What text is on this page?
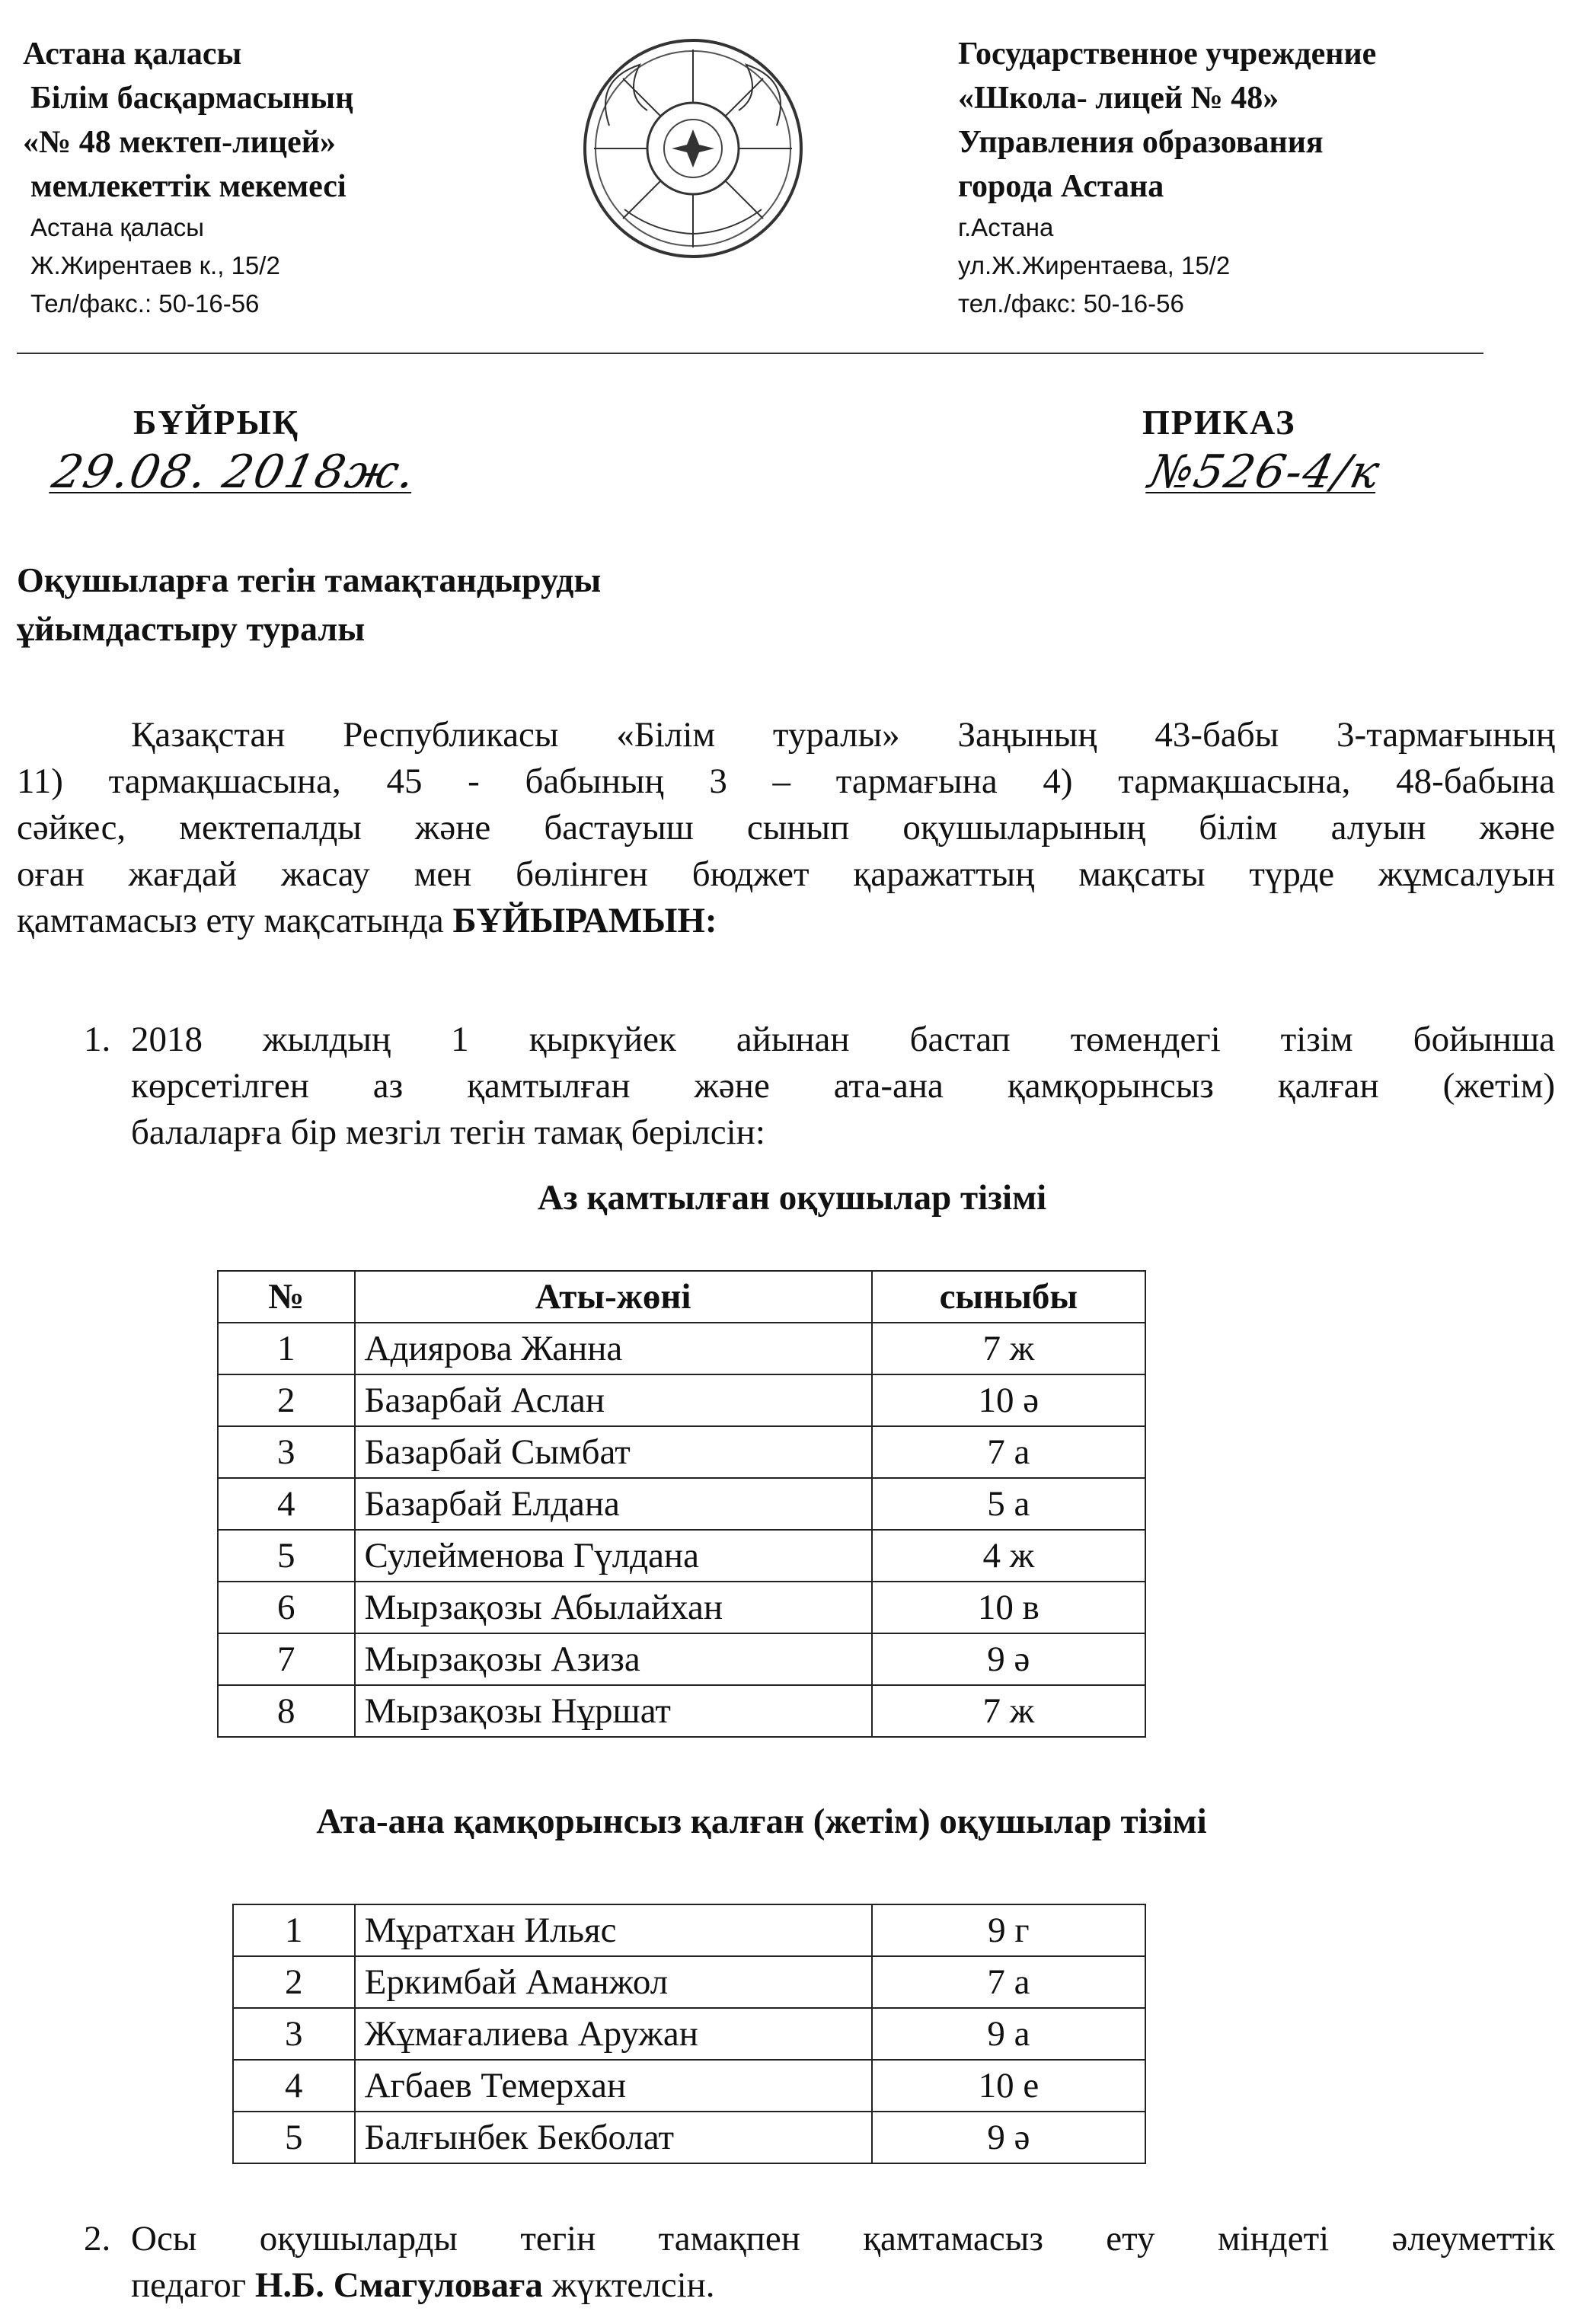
Астана қаласы
Білім басқармасының
«№ 48 мектеп-лицей»
мемлекеттік мекемесі
Астана қаласы
Ж.Жирентаев к., 15/2
Тел/факс.: 50-16-56
Государственное учреждение
«Школа- лицей № 48»
Управления образования
города Астана
г.Астана
ул.Ж.Жирентаева, 15/2
тел./факс: 50-16-56
БҰЙРЫҚ	ПРИКАЗ
29.08. 2018ж.	№526-4/к
Оқушыларға тегін тамақтандыруды
ұйымдастыру туралы
Қазақстан Республикасы «Білім туралы» Заңының 43-бабы 3-тармағының
11) тармақшасына, 45 - бабының 3 – тармағына 4) тармақшасына, 48-бабына
сәйкес, мектепалды және бастауыш сынып оқушыларының білім алуын және
оған жағдай жасау мен бөлінген бюджет қаражаттың мақсаты түрде жұмсалуын
қамтамасыз ету мақсатында БҰЙЫРАМЫН:
1. 2018 жылдың 1 қыркүйек айынан бастап төмендегі тізім бойынша
көрсетілген аз қамтылған және ата-ана қамқорынсыз қалған (жетім)
балаларға бір мезгіл тегін тамақ берілсін:
Аз қамтылған оқушылар тізімі
№	Аты-жөні	сыныбы
1	Адиярова Жанна	7 ж
2	Базарбай Аслан	10 ә
3	Базарбай Сымбат	7 а
4	Базарбай Елдана	5 а
5	Сулейменова Гүлдана	4 ж
6	Мырзақозы Абылайхан	10 в
7	Мырзақозы Азиза	9 ә
8	Мырзақозы Нұршат	7 ж
Ата-ана қамқорынсыз қалған (жетім) оқушылар тізімі
1	Мұратхан Ильяс	9 г
2	Еркимбай Аманжол	7 а
3	Жұмағалиева Аружан	9 а
4	Агбаев Темерхан	10 е
5	Балғынбек Бекболат	9 ә
2. Осы оқушыларды тегін тамақпен қамтамасыз ету міндеті әлеуметтік
педагог Н.Б. Смагуловаға жүктелсін.
